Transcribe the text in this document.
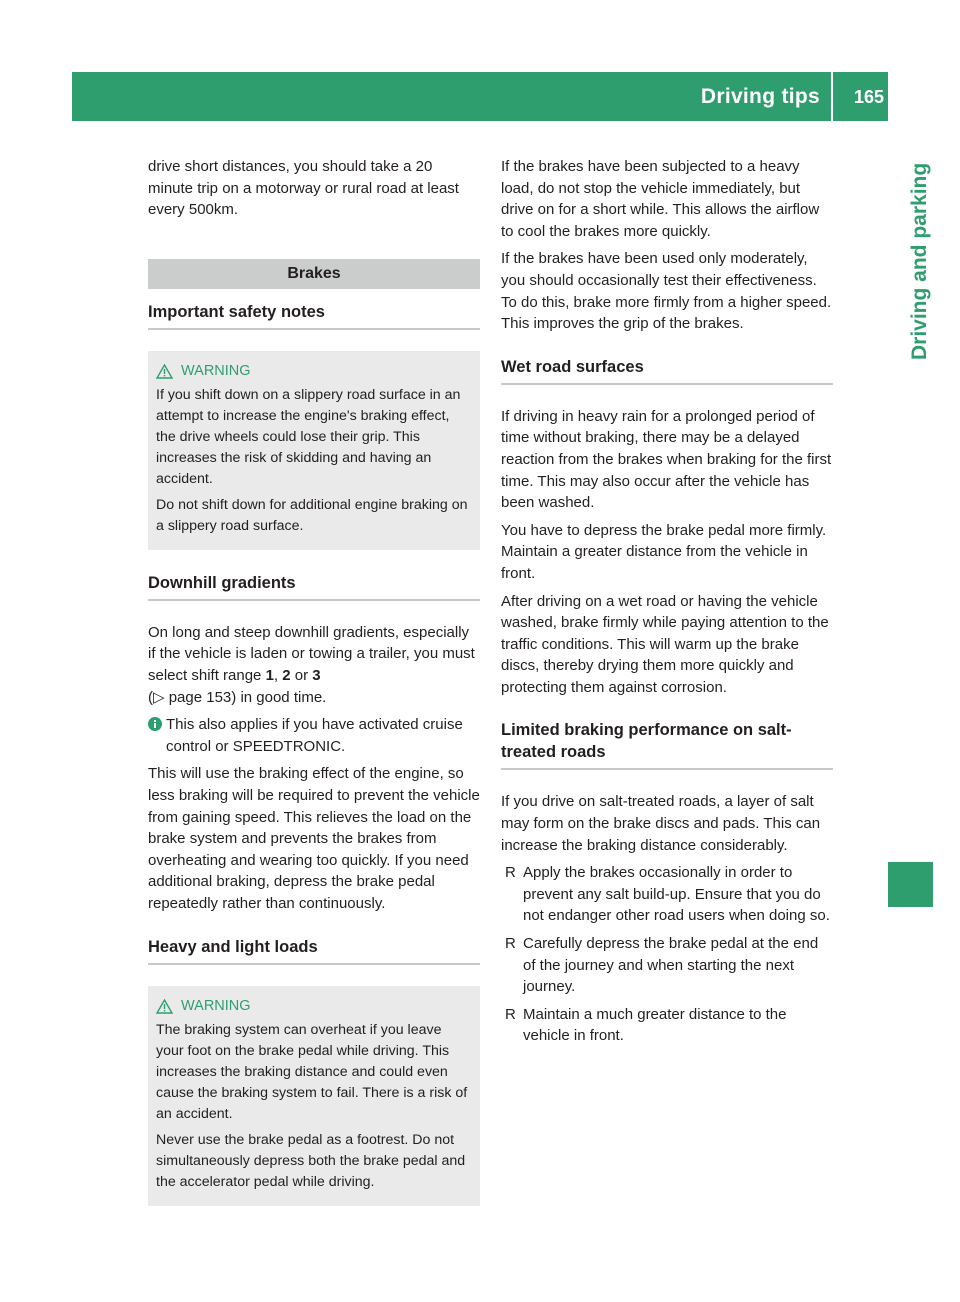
Driving tips 165
Driving and parking

drive short distances, you should take a 20 minute trip on a motorway or rural road at least every 500km.

Brakes
Important safety notes
WARNING

If you shift down on a slippery road surface in an attempt to increase the engine's braking effect, the drive wheels could lose their grip. This increases the risk of skidding and having an accident.

Do not shift down for additional engine braking on a slippery road surface.

Downhill gradients

On long and steep downhill gradients, especially if the vehicle is laden or towing a trailer, you must select shift range 1, 2 or 3
(▷ page 153) in good time.

This also applies if you have activated cruise control or SPEEDTRONIC.

This will use the braking effect of the engine, so less braking will be required to prevent the vehicle from gaining speed. This relieves the load on the brake system and prevents the brakes from overheating and wearing too quickly. If you need additional braking, depress the brake pedal repeatedly rather than continuously.

Heavy and light loads
WARNING

The braking system can overheat if you leave your foot on the brake pedal while driving. This increases the braking distance and could even cause the braking system to fail. There is a risk of an accident.

Never use the brake pedal as a footrest. Do not simultaneously depress both the brake pedal and the accelerator pedal while driving.

If the brakes have been subjected to a heavy load, do not stop the vehicle immediately, but drive on for a short while. This allows the airflow to cool the brakes more quickly.

If the brakes have been used only moderately, you should occasionally test their effectiveness. To do this, brake more firmly from a higher speed. This improves the grip of the brakes.

Wet road surfaces

If driving in heavy rain for a prolonged period of time without braking, there may be a delayed reaction from the brakes when braking for the first time. This may also occur after the vehicle has been washed.

You have to depress the brake pedal more firmly. Maintain a greater distance from the vehicle in front.

After driving on a wet road or having the vehicle washed, brake firmly while paying attention to the traffic conditions. This will warm up the brake discs, thereby drying them more quickly and protecting them against corrosion.

Limited braking performance on salt-treated roads

If you drive on salt-treated roads, a layer of salt may form on the brake discs and pads. This can increase the braking distance considerably.

R Apply the brakes occasionally in order to prevent any salt build-up. Ensure that you do not endanger other road users when doing so.
R Carefully depress the brake pedal at the end of the journey and when starting the next journey.
R Maintain a much greater distance to the vehicle in front.
